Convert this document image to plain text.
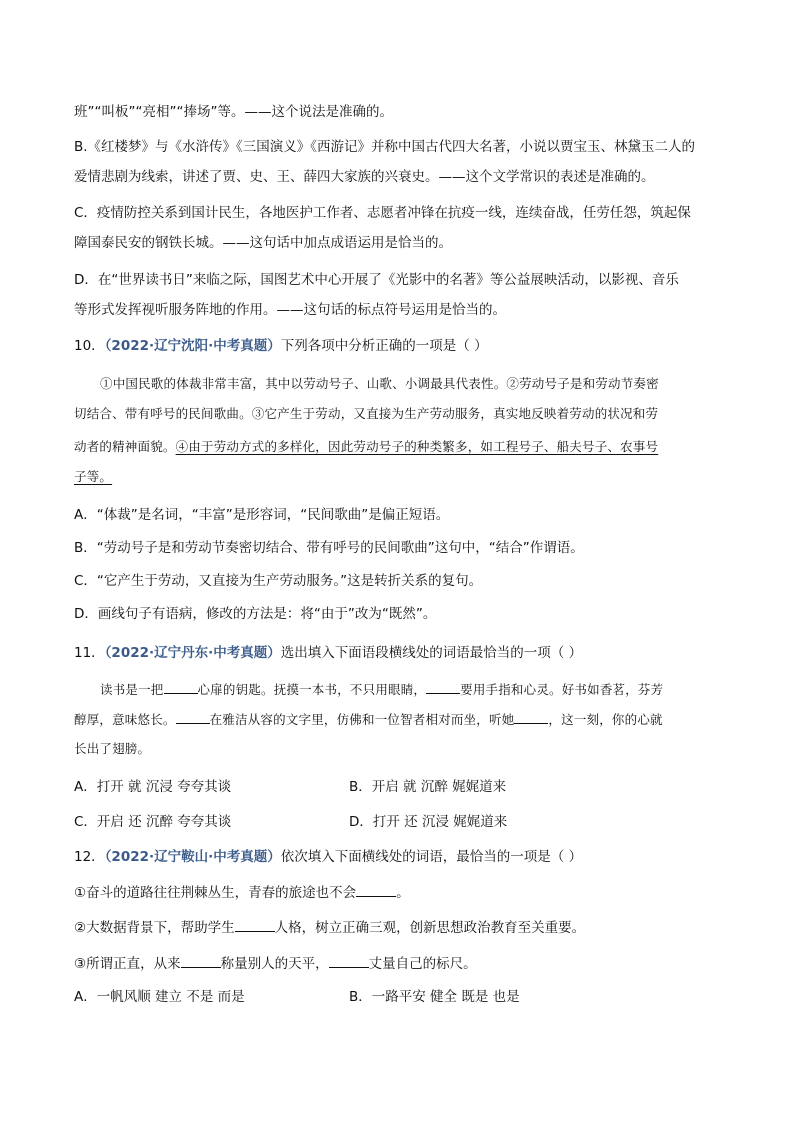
班”“叫板”“亮相”“捧场”等。——这个说法是准确的。
B.《红楼梦》与《水浒传》《三国演义》《西游记》并称中国古代四大名著，小说以贾宝玉、林黛玉二人的
爱情悲剧为线索，讲述了贾、史、王、薛四大家族的兴衰史。——这个文学常识的表述是准确的。
C．疫情防控关系到国计民生，各地医护工作者、志愿者冲锋在抗疫一线，连续奋战，任劳任怨，筑起保
障国泰民安的钢铁长城。——这句话中加点成语运用是恰当的。
D．在“世界读书日”来临之际，国图艺术中心开展了《光影中的名著》等公益展映活动，以影视、音乐
等形式发挥视听服务阵地的作用。——这句话的标点符号运用是恰当的。
10．（2022·辽宁沈阳·中考真题）下列各项中分析正确的一项是（ ）
①中国民歌的体裁非常丰富，其中以劳动号子、山歌、小调最具代表性。②劳动号子是和劳动节奏密
切结合、带有呼号的民间歌曲。③它产生于劳动，又直接为生产劳动服务，真实地反映着劳动的状况和劳
动者的精神面貌。④由于劳动方式的多样化，因此劳动号子的种类繁多，如工程号子、船夫号子、农事号
子等。
A．“体裁”是名词，“丰富”是形容词，“民间歌曲”是偏正短语。
B．“劳动号子是和劳动节奏密切结合、带有呼号的民间歌曲”这句中，“结合”作谓语。
C．“它产生于劳动，又直接为生产劳动服务。”这是转折关系的复句。
D．画线句子有语病，修改的方法是：将“由于”改为“既然”。
11．（2022·辽宁丹东·中考真题）选出填入下面语段横线处的词语最恰当的一项（ ）
读书是一把	心扉的钥匙。抚摸一本书，不只用眼睛，	要用手指和心灵。好书如香茗，芬芳
醇厚，意味悠长。	在雅洁从容的文字里，仿佛和一位智者相对而坐，听她	，这一刻，你的心就
长出了翅膀。
A．打开 就 沉浸 夸夸其谈	B．开启 就 沉醉 娓娓道来
C．开启 还 沉醉 夸夸其谈	D．打开 还 沉浸 娓娓道来
12．（2022·辽宁鞍山·中考真题）依次填入下面横线处的词语，最恰当的一项是（ ）
①奋斗的道路往往荆棘丛生，青春的旅途也不会	。
②大数据背景下，帮助学生	人格，树立正确三观，创新思想政治教育至关重要。
③所谓正直，从来	称量别人的天平，	丈量自己的标尺。
A．一帆风顺 建立 不是 而是	B．一路平安 健全 既是 也是
